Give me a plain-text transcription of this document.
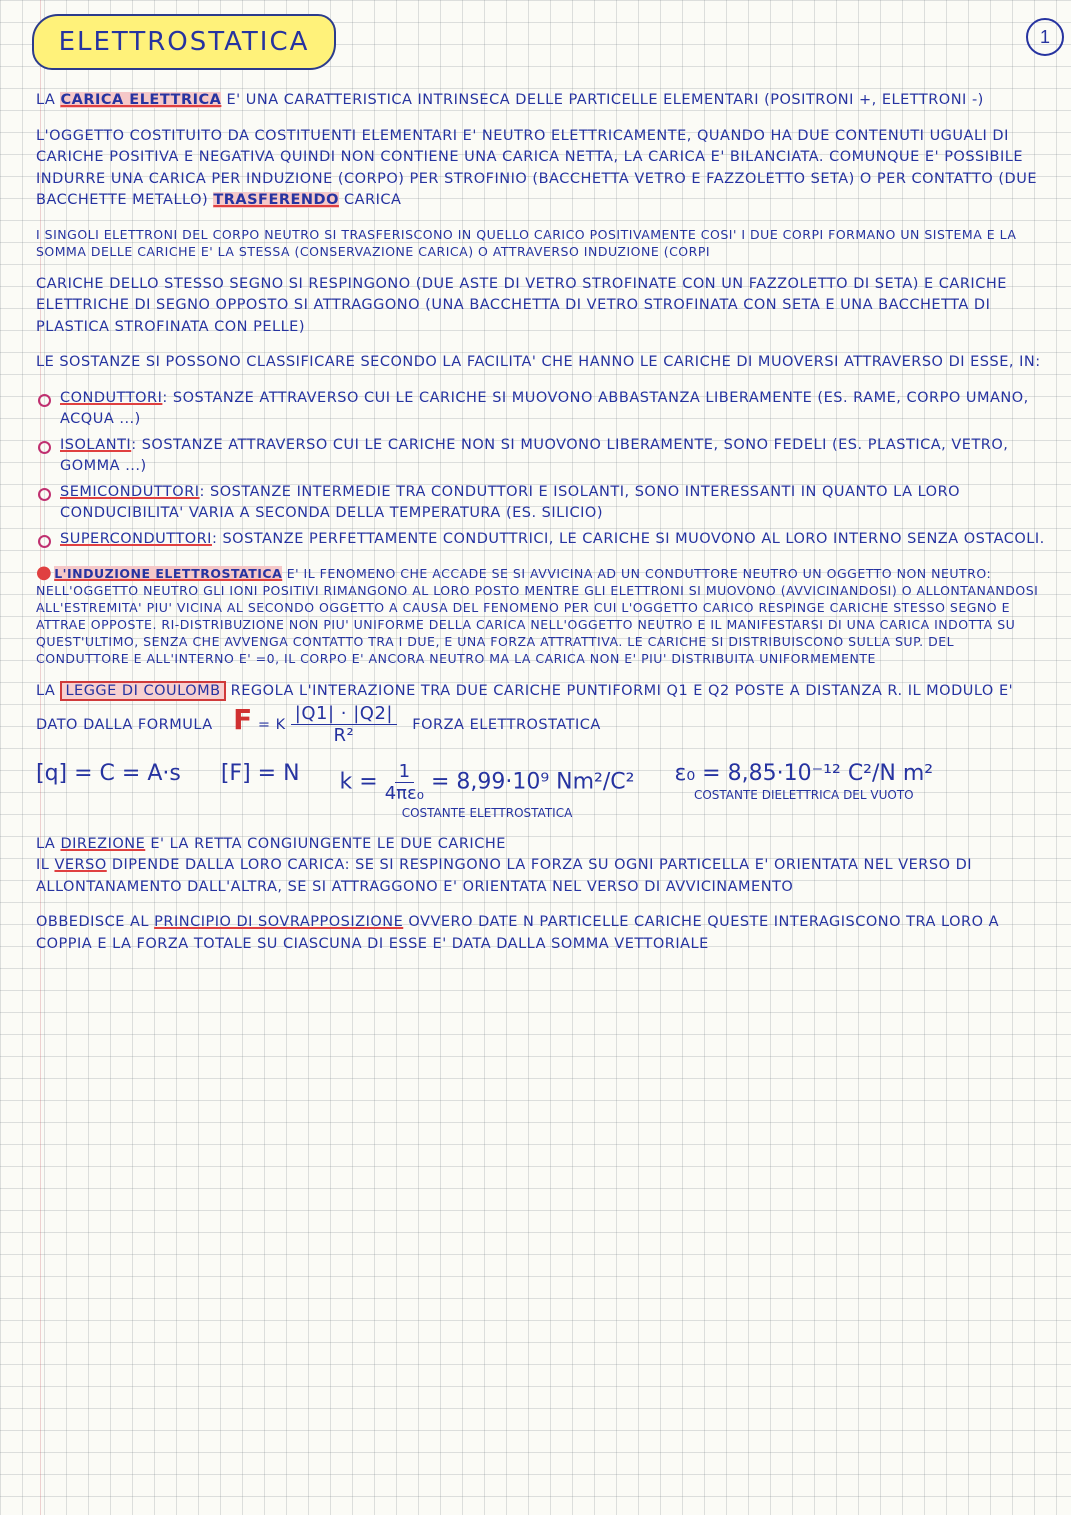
ELETTROSTATICA	1

LA CARICA ELETTRICA E' UNA CARATTERISTICA INTRINSECA DELLE PARTICELLE ELEMENTARI (POSITRONI +, ELETTRONI -)

L'OGGETTO COSTITUITO DA COSTITUENTI ELEMENTARI E' NEUTRO ELETTRICAMENTE, QUANDO HA DUE CONTENUTI UGUALI DI CARICHE POSITIVA E NEGATIVA QUINDI NON CONTIENE UNA CARICA NETTA, LA CARICA E' BILANCIATA. COMUNQUE E' POSSIBILE INDURRE UNA CARICA PER INDUZIONE (CORPO) PER STROFINIO (BACCHETTA VETRO E FAZZOLETTO SETA) O PER CONTATTO (DUE BACCHETTE METALLO) TRASFERENDO CARICA

I SINGOLI ELETTRONI DEL CORPO NEUTRO SI TRASFERISCONO IN QUELLO CARICO POSITIVAMENTE COSI' I DUE CORPI FORMANO UN SISTEMA E LA SOMMA DELLE CARICHE E' LA STESSA (CONSERVAZIONE CARICA) O ATTRAVERSO INDUZIONE (CORPI

CARICHE DELLO STESSO SEGNO SI RESPINGONO (DUE ASTE DI VETRO STROFINATE CON UN FAZZOLETTO DI SETA) E CARICHE ELETTRICHE DI SEGNO OPPOSTO SI ATTRAGGONO (UNA BACCHETTA DI VETRO STROFINATA CON SETA E UNA BACCHETTA DI PLASTICA STROFINATA CON PELLE)

LE SOSTANZE SI POSSONO CLASSIFICARE SECONDO LA FACILITA' CHE HANNO LE CARICHE DI MUOVERSI ATTRAVERSO DI ESSE, IN:

CONDUTTORI: SOSTANZE ATTRAVERSO CUI LE CARICHE SI MUOVONO ABBASTANZA LIBERAMENTE (ES. RAME, CORPO UMANO, ACQUA ...)
ISOLANTI: SOSTANZE ATTRAVERSO CUI LE CARICHE NON SI MUOVONO LIBERAMENTE, SONO FEDELI (ES. PLASTICA, VETRO, GOMMA ...)
SEMICONDUTTORI: SOSTANZE INTERMEDIE TRA CONDUTTORI E ISOLANTI, SONO INTERESSANTI IN QUANTO LA LORO CONDUCIBILITA' VARIA A SECONDA DELLA TEMPERATURA (ES. SILICIO)
SUPERCONDUTTORI: SOSTANZE PERFETTAMENTE CONDUTTRICI, LE CARICHE SI MUOVONO AL LORO INTERNO SENZA OSTACOLI.

● L'INDUZIONE ELETTROSTATICA E' IL FENOMENO CHE ACCADE SE SI AVVICINA AD UN CONDUTTORE NEUTRO UN OGGETTO NON NEUTRO: NELL'OGGETTO NEUTRO GLI IONI POSITIVI RIMANGONO AL LORO POSTO MENTRE GLI ELETTRONI SI MUOVONO (AVVICINANDOSI) O ALLONTANANDOSI ALL'ESTREMITA' PIU' VICINA AL SECONDO OGGETTO A CAUSA DEL FENOMENO PER CUI L'OGGETTO CARICO RESPINGE CARICHE STESSO SEGNO E ATTRAE OPPOSTE. RI-DISTRIBUZIONE NON PIU' UNIFORME DELLA CARICA NELL'OGGETTO NEUTRO E IL MANIFESTARSI DI UNA CARICA INDOTTA SU QUEST'ULTIMO, SENZA CHE AVVENGA CONTATTO TRA I DUE, E UNA FORZA ATTRATTIVA. LE CARICHE SI DISTRIBUISCONO SULLA SUP. DEL CONDUTTORE E ALL'INTERNO E' =0, IL CORPO E' ANCORA NEUTRO MA LA CARICA NON E' PIU' DISTRIBUITA UNIFORMEMENTE

LA LEGGE DI COULOMB REGOLA L'INTERAZIONE TRA DUE CARICHE PUNTIFORMI Q1 E Q2 POSTE A DISTANZA R. IL MODULO E' DATO DALLA FORMULA F = K $\frac{|Q1| \cdot |Q2|}{\text{R²}}$ FORZA ELETTROSTATICA

[q] = C = A·s [F] = N $k = \frac{1}{\text{4πε₀}} = 8,99\cdot 10^9$ Nm²/C²
COSTANTE ELETTROSTATICA
ε₀ = 8,85·10⁻¹² C²/N m²
COSTANTE DIELETTRICA DEL VUOTO

LA DIREZIONE E' LA RETTA CONGIUNGENTE LE DUE CARICHE
IL VERSO DIPENDE DALLA LORO CARICA: SE SI RESPINGONO LA FORZA SU OGNI PARTICELLA E' ORIENTATA NEL VERSO DI ALLONTANAMENTO DALL'ALTRA, SE SI ATTRAGGONO E' ORIENTATA NEL VERSO DI AVVICINAMENTO

OBBEDISCE AL PRINCIPIO DI SOVRAPPOSIZIONE OVVERO DATE N PARTICELLE CARICHE QUESTE INTERAGISCONO TRA LORO A COPPIA E LA FORZA TOTALE SU CIASCUNA DI ESSE E' DATA DALLA SOMMA VETTORIALE
